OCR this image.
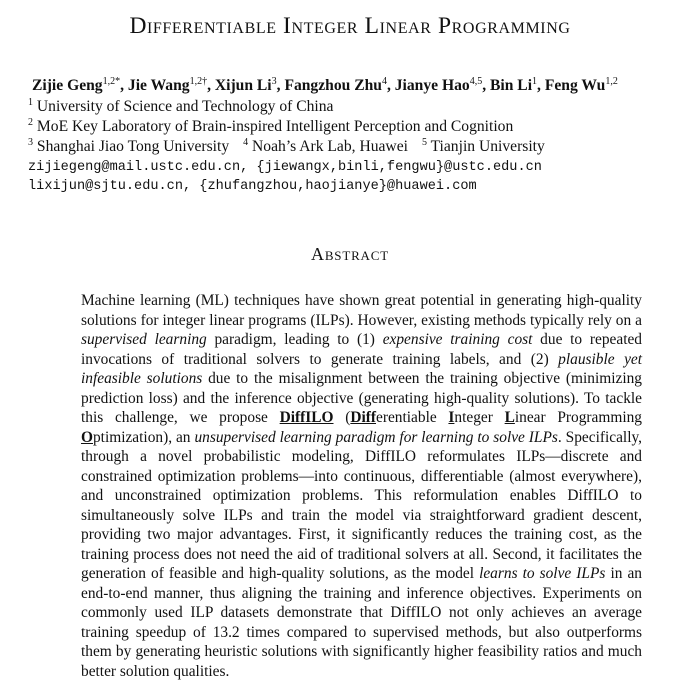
Differentiable Integer Linear Programming
Zijie Geng$^{1,2*}$, Jie Wang$^{1,2\dagger}$, Xijun Li$^3$, Fangzhou Zhu$^4$, Jianye Hao$^{4,5}$, Bin Li$^1$, Feng Wu$^{1,2}$
$^1$ University of Science and Technology of China
$^2$ MoE Key Laboratory of Brain-inspired Intelligent Perception and Cognition
$^3$ Shanghai Jiao Tong University $^4$ Noah’s Ark Lab, Huawei $^5$ Tianjin University
zijiegeng@mail.ustc.edu.cn, {jiewangx,binli,fengwu}@ustc.edu.cn
lixijun@sjtu.edu.cn, {zhufangzhou,haojianye}@huawei.com
Abstract
Machine learning (ML) techniques have shown great potential in generating high-quality solutions for integer linear programs (ILPs). However, existing methods typically rely on a supervised learning paradigm, leading to (1) expensive training cost due to repeated invocations of traditional solvers to generate training labels, and (2) plausible yet infeasible solutions due to the misalignment between the training objective (minimizing prediction loss) and the inference objective (generating high-quality solutions). To tackle this challenge, we propose DiffILO (Differentiable Integer Linear Programming Optimization), an unsupervised learning paradigm for learning to solve ILPs. Specifically, through a novel probabilistic modeling, DiffILO reformulates ILPs—discrete and constrained optimization problems—into continuous, differentiable (almost everywhere), and unconstrained optimization problems. This reformulation enables DiffILO to simultaneously solve ILPs and train the model via straightforward gradient descent, providing two major advantages. First, it significantly reduces the training cost, as the training process does not need the aid of traditional solvers at all. Second, it facilitates the generation of feasible and high-quality solutions, as the model learns to solve ILPs in an end-to-end manner, thus aligning the training and inference objectives. Experiments on commonly used ILP datasets demonstrate that DiffILO not only achieves an average training speedup of 13.2 times compared to supervised methods, but also outperforms them by generating heuristic solutions with significantly higher feasibility ratios and much better solution qualities.
